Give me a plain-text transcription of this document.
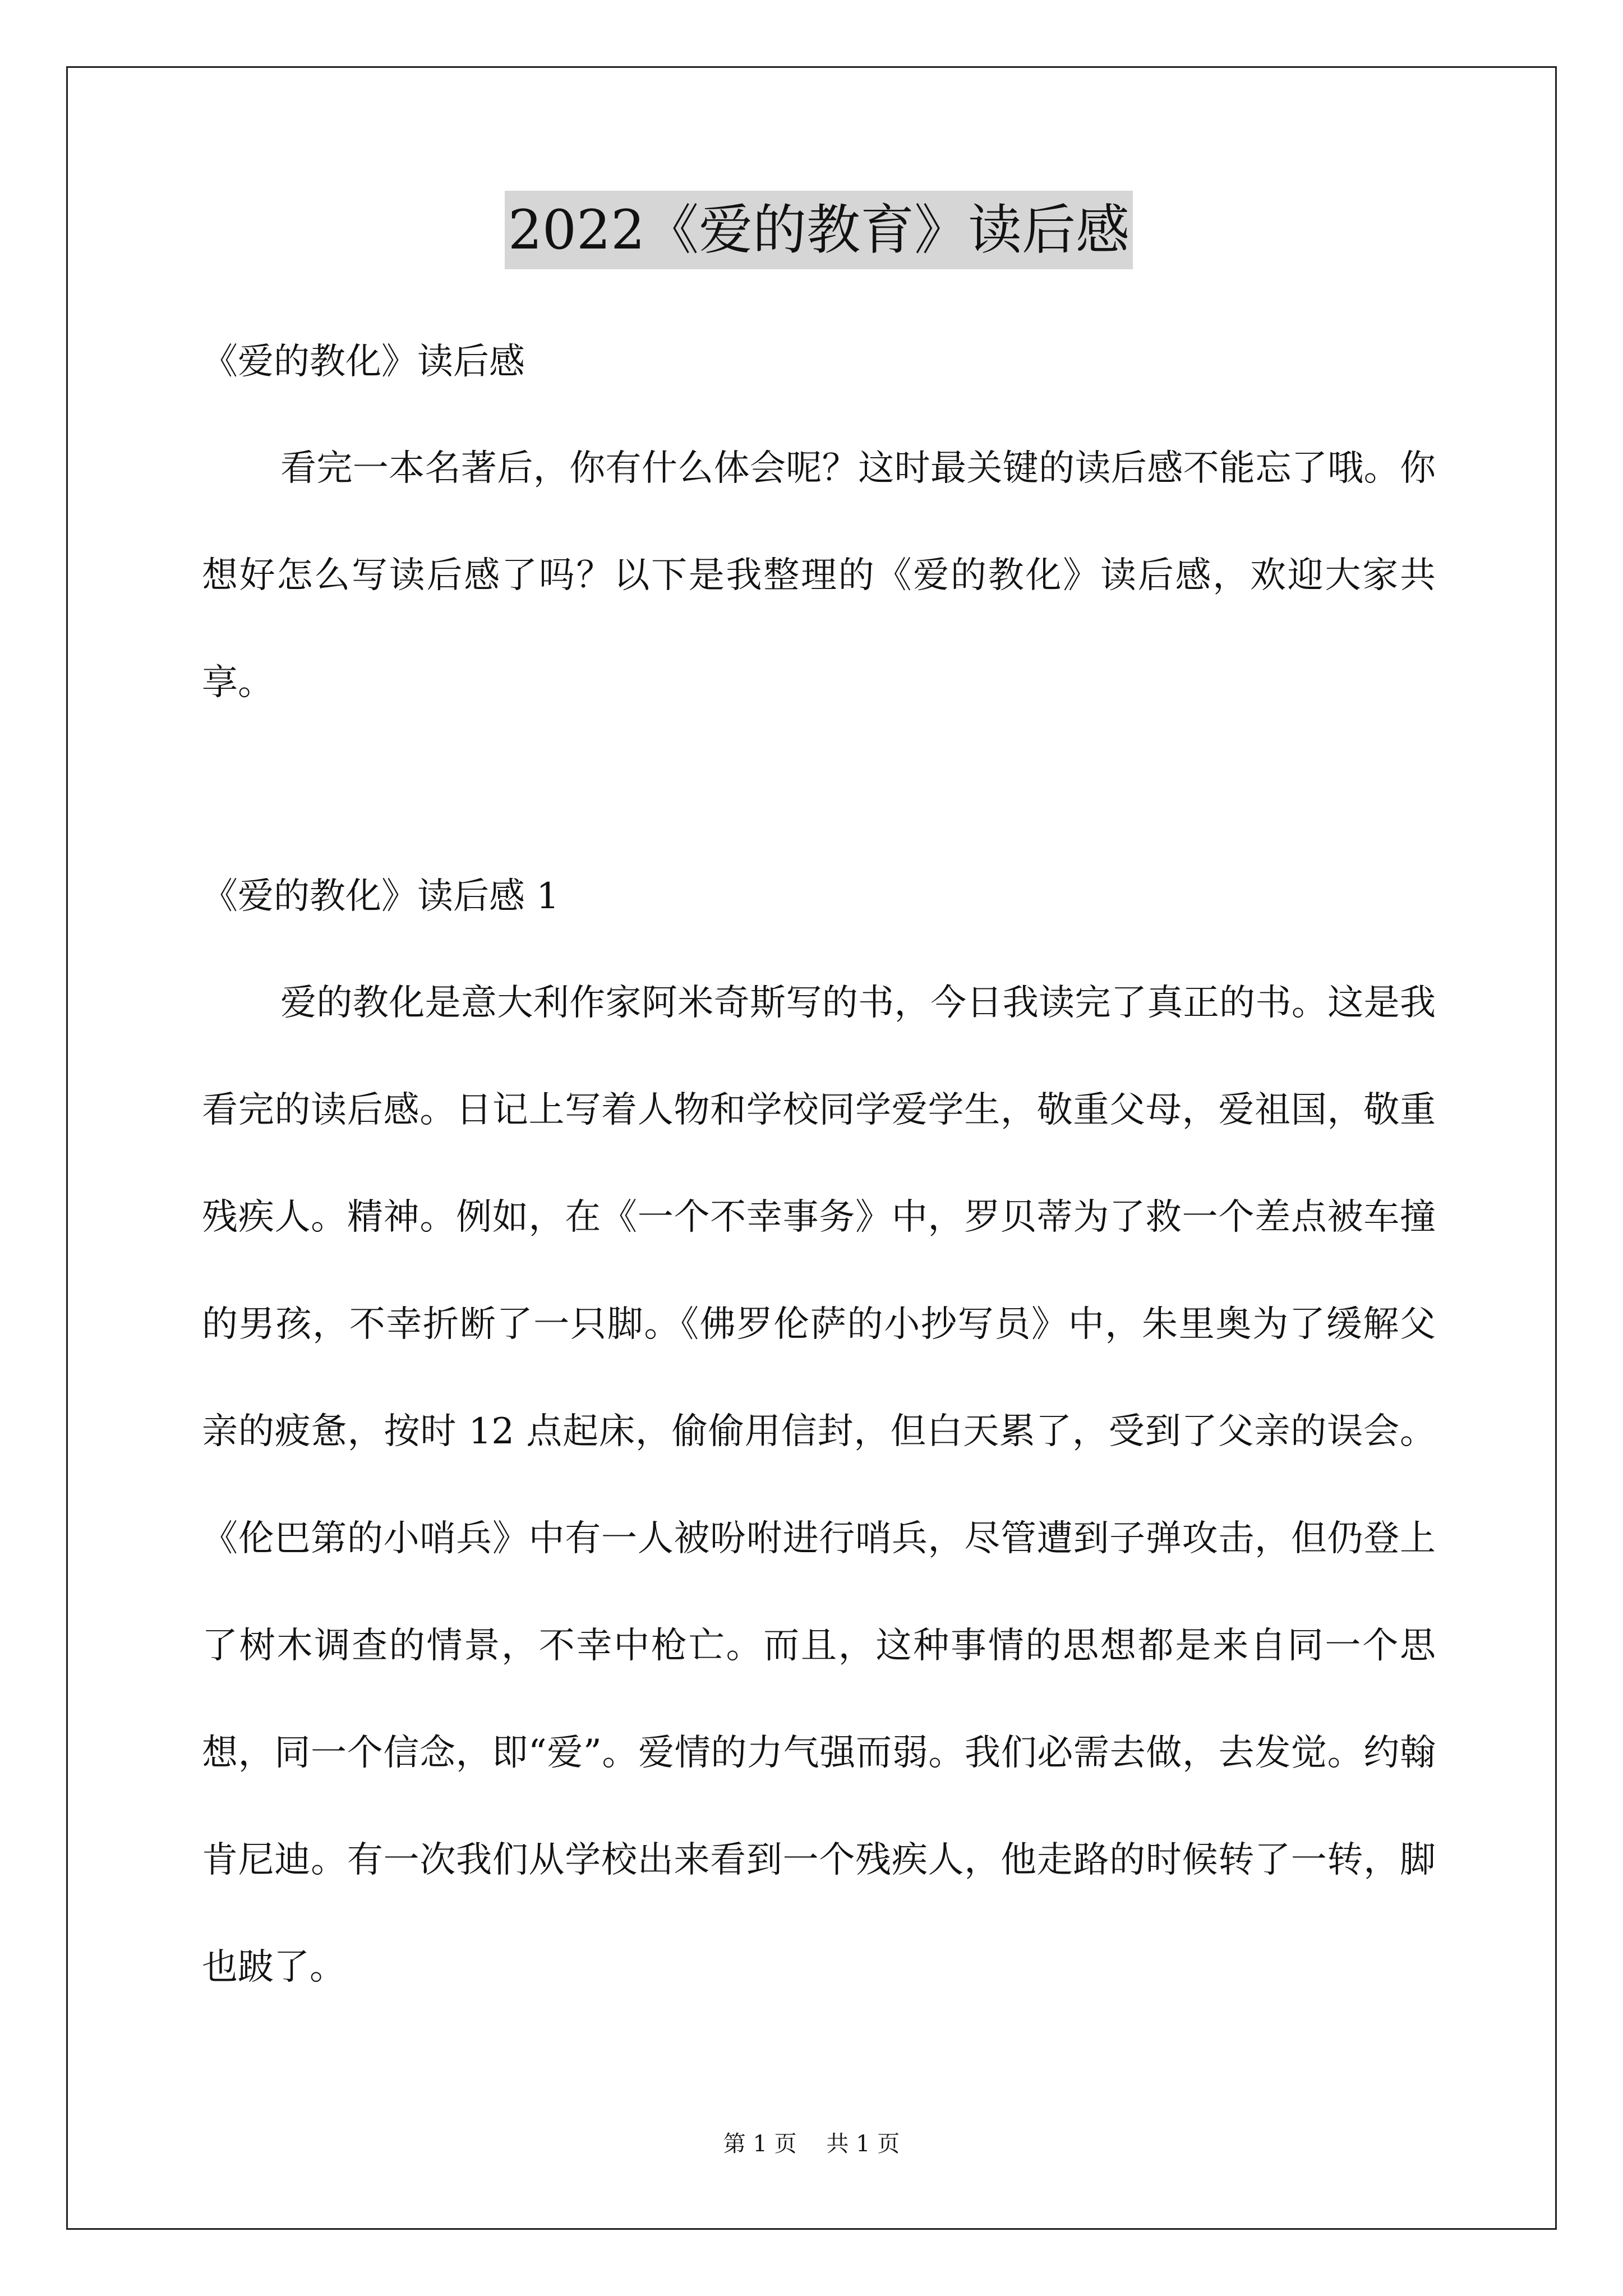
2022《爱的教育》读后感

《爱的教化》读后感

看完一本名著后，你有什么体会呢？这时最关键的读后感不能忘了哦。你想好怎么写读后感了吗？以下是我整理的《爱的教化》读后感，欢迎大家共享。

《爱的教化》读后感 1

爱的教化是意大利作家阿米奇斯写的书，今日我读完了真正的书。这是我看完的读后感。日记上写着人物和学校同学爱学生，敬重父母，爱祖国，敬重残疾人。精神。例如，在《一个不幸事务》中，罗贝蒂为了救一个差点被车撞的男孩，不幸折断了一只脚。《佛罗伦萨的小抄写员》中，朱里奥为了缓解父亲的疲惫，按时 12 点起床，偷偷用信封，但白天累了，受到了父亲的误会。《伦巴第的小哨兵》中有一人被吩咐进行哨兵，尽管遭到子弹攻击，但仍登上了树木调查的情景，不幸中枪亡。而且，这种事情的思想都是来自同一个思想，同一个信念，即“爱”。爱情的力气强而弱。我们必需去做，去发觉。约翰肯尼迪。有一次我们从学校出来看到一个残疾人，他走路的时候转了一转，脚也跛了。

第 1 页 共 1 页
